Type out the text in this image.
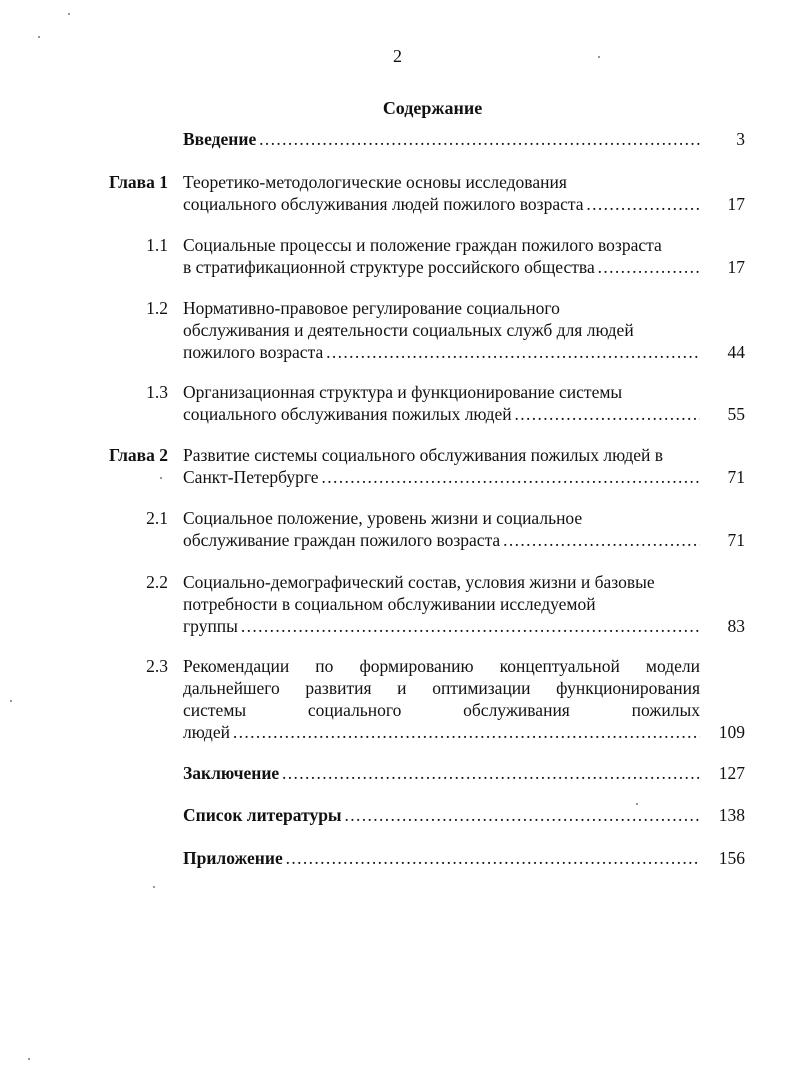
2
Содержание
Введение . . .	3
Глава 1 Теоретико-методологические основы исследования
социального обслуживания людей пожилого возраста . . .	17
1.1 Социальные процессы и положение граждан пожилого возраста
в стратификационной структуре российского общества . . .	17
1.2 Нормативно-правовое регулирование социального
обслуживания и деятельности социальных служб для людей
пожилого возраста . . .	44
1.3 Организационная структура и функционирование системы
социального обслуживания пожилых людей . . .	55
Глава 2 Развитие системы социального обслуживания пожилых людей в
Санкт-Петербурге . . .	71
2.1 Социальное положение, уровень жизни и социальное
обслуживание граждан пожилого возраста . . .	71
2.2 Социально-демографический состав, условия жизни и базовые
потребности в социальном обслуживании исследуемой
группы . . .	83
2.3 Рекомендации по формированию концептуальной модели
дальнейшего развития и оптимизации функционирования
системы социального обслуживания пожилых
людей . . .	109
Заключение . . .	127
Список литературы . . .	138
Приложение . . .	156
